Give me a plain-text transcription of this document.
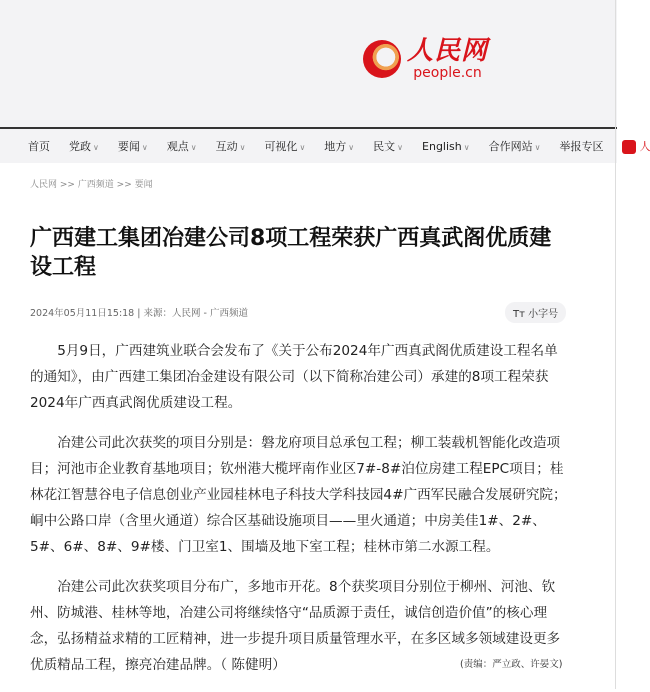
人民网
people.cn
首页 党政 ∨ 要闻 ∨ 观点 ∨ 互动 ∨ 可视化 ∨ 地方 ∨ 民文 ∨ English ∨ 合作网站 ∨ 举报专区	人
人民网 >> 广西频道 >> 要闻
广西建工集团冶建公司8项工程荣获广西真武阁优质建设工程
2024年05月11日15:18 | 来源：人民网 - 广西频道	Tт 小字号

5月9日，广西建筑业联合会发布了《关于公布2024年广西真武阁优质建设工程名单的通知》，由广西建工集团冶金建设有限公司（以下简称冶建公司）承建的8项工程荣获2024年广西真武阁优质建设工程。

冶建公司此次获奖的项目分别是：磐龙府项目总承包工程；柳工装载机智能化改造项目；河池市企业教育基地项目；钦州港大榄坪南作业区7#-8#泊位房建工程EPC项目；桂林花江智慧谷电子信息创业产业园桂林电子科技大学科技园4#广西军民融合发展研究院；峒中公路口岸（含里火通道）综合区基础设施项目——里火通道；中房美佳1#、2#、5#、6#、8#、9#楼、门卫室1、围墙及地下室工程；桂林市第二水源工程。

冶建公司此次获奖项目分布广，多地市开花。8个获奖项目分别位于柳州、河池、钦州、防城港、桂林等地，冶建公司将继续恪守“品质源于责任，诚信创造价值”的核心理念，弘扬精益求精的工匠精神，进一步提升项目质量管理水平，在多区域多领域建设更多优质精品工程，擦亮冶建品牌。（ 陈健明）	(责编：严立政、许晏文)
